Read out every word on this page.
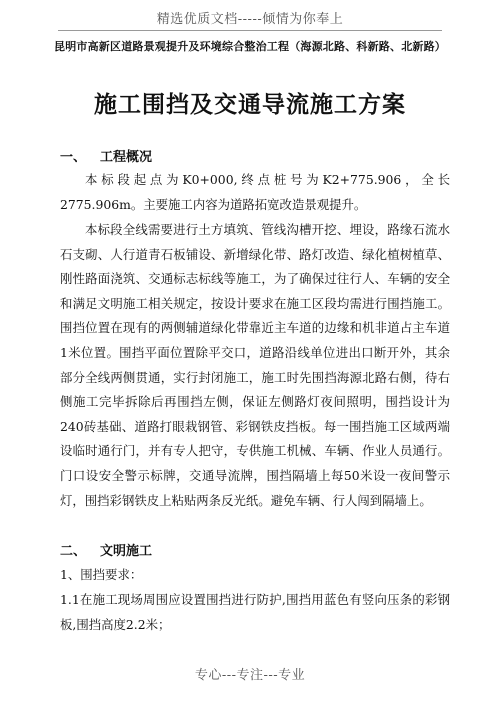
精选优质文档-----倾情为你奉上
昆明市高新区道路景观提升及环境综合整治工程（海源北路、科新路、北新路）
施工围挡及交通导流施工方案
一、 工程概况
本标段起点为K0+000,终点桩号为K2+775.906，全长2775.906m。主要施工内容为道路拓宽改造景观提升。
本标段全线需要进行土方填筑、管线沟槽开挖、埋设，路缘石流水石支砌、人行道青石板铺设、新增绿化带、路灯改造、绿化植树植草、刚性路面浇筑、交通标志标线等施工，为了确保过往行人、车辆的安全和满足文明施工相关规定，按设计要求在施工区段均需进行围挡施工。围挡位置在现有的两侧辅道绿化带靠近主车道的边缘和机非道占主车道1米位置。围挡平面位置除平交口，道路沿线单位进出口断开外，其余部分全线两侧贯通，实行封闭施工，施工时先围挡海源北路右侧，待右侧施工完毕拆除后再围挡左侧，保证左侧路灯夜间照明，围挡设计为240砖基础、道路打眼栽钢管、彩钢铁皮挡板。每一围挡施工区域两端设临时通行门，并有专人把守，专供施工机械、车辆、作业人员通行。门口设安全警示标牌，交通导流牌，围挡隔墙上每50米设一夜间警示灯，围挡彩钢铁皮上粘贴两条反光纸。避免车辆、行人闯到隔墙上。
二、 文明施工
1、围挡要求：
1.1在施工现场周围应设置围挡进行防护,围挡用蓝色有竖向压条的彩钢板,围挡高度2.2米；
专心---专注---专业
